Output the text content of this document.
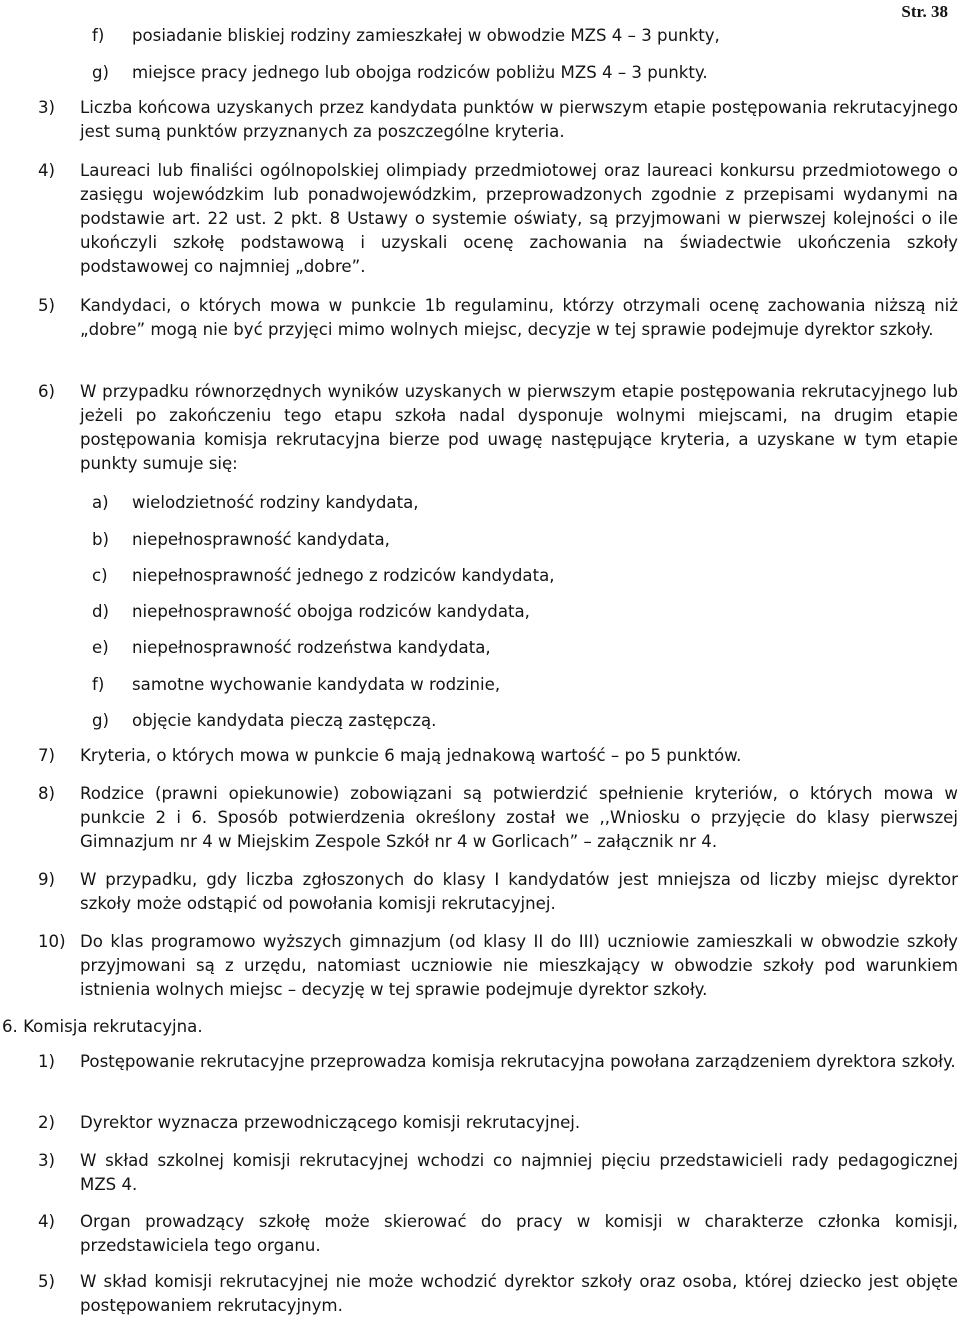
Str. 38
f) posiadanie bliskiej rodziny zamieszkałej w obwodzie MZS 4 – 3 punkty,
g) miejsce pracy jednego lub obojga rodziców pobliżu MZS 4 – 3 punkty.
3) Liczba końcowa uzyskanych przez kandydata punktów w pierwszym etapie postępowania rekrutacyjnego jest sumą punktów przyznanych za poszczególne kryteria.
4) Laureaci lub finaliści ogólnopolskiej olimpiady przedmiotowej oraz laureaci konkursu przedmiotowego o zasięgu wojewódzkim lub ponadwojewódzkim, przeprowadzonych zgodnie z przepisami wydanymi na podstawie art. 22 ust. 2 pkt. 8 Ustawy o systemie oświaty, są przyjmowani w pierwszej kolejności o ile ukończyli szkołę podstawową i uzyskali ocenę zachowania na świadectwie ukończenia szkoły podstawowej co najmniej „dobre”.
5) Kandydaci, o których mowa w punkcie 1b regulaminu, którzy otrzymali ocenę zachowania niższą niż „dobre” mogą nie być przyjęci mimo wolnych miejsc, decyzje w tej sprawie podejmuje dyrektor szkoły.
6) W przypadku równorzędnych wyników uzyskanych w pierwszym etapie postępowania rekrutacyjnego lub jeżeli po zakończeniu tego etapu szkoła nadal dysponuje wolnymi miejscami, na drugim etapie postępowania komisja rekrutacyjna bierze pod uwagę następujące kryteria, a uzyskane w tym etapie punkty sumuje się:
a) wielodzietność rodziny kandydata,
b) niepełnosprawność kandydata,
c) niepełnosprawność jednego z rodziców kandydata,
d) niepełnosprawność obojga rodziców kandydata,
e) niepełnosprawność rodzeństwa kandydata,
f) samotne wychowanie kandydata w rodzinie,
g) objęcie kandydata pieczą zastępczą.
7) Kryteria, o których mowa w punkcie 6 mają jednakową wartość – po 5 punktów.
8) Rodzice (prawni opiekunowie) zobowiązani są potwierdzić spełnienie kryteriów, o których mowa w punkcie 2 i 6. Sposób potwierdzenia określony został we ,,Wniosku o przyjęcie do klasy pierwszej Gimnazjum nr 4 w Miejskim Zespole Szkół nr 4 w Gorlicach” – załącznik nr 4.
9) W przypadku, gdy liczba zgłoszonych do klasy I kandydatów jest mniejsza od liczby miejsc dyrektor szkoły może odstąpić od powołania komisji rekrutacyjnej.
10) Do klas programowo wyższych gimnazjum (od klasy II do III) uczniowie zamieszkali w obwodzie szkoły przyjmowani są z urzędu, natomiast uczniowie nie mieszkający w obwodzie szkoły pod warunkiem istnienia wolnych miejsc – decyzję w tej sprawie podejmuje dyrektor szkoły.
6. Komisja rekrutacyjna.
1) Postępowanie rekrutacyjne przeprowadza komisja rekrutacyjna powołana zarządzeniem dyrektora szkoły.
2) Dyrektor wyznacza przewodniczącego komisji rekrutacyjnej.
3) W skład szkolnej komisji rekrutacyjnej wchodzi co najmniej pięciu przedstawicieli rady pedagogicznej MZS 4.
4) Organ prowadzący szkołę może skierować do pracy w komisji w charakterze członka komisji, przedstawiciela tego organu.
5) W skład komisji rekrutacyjnej nie może wchodzić dyrektor szkoły oraz osoba, której dziecko jest objęte postępowaniem rekrutacyjnym.
